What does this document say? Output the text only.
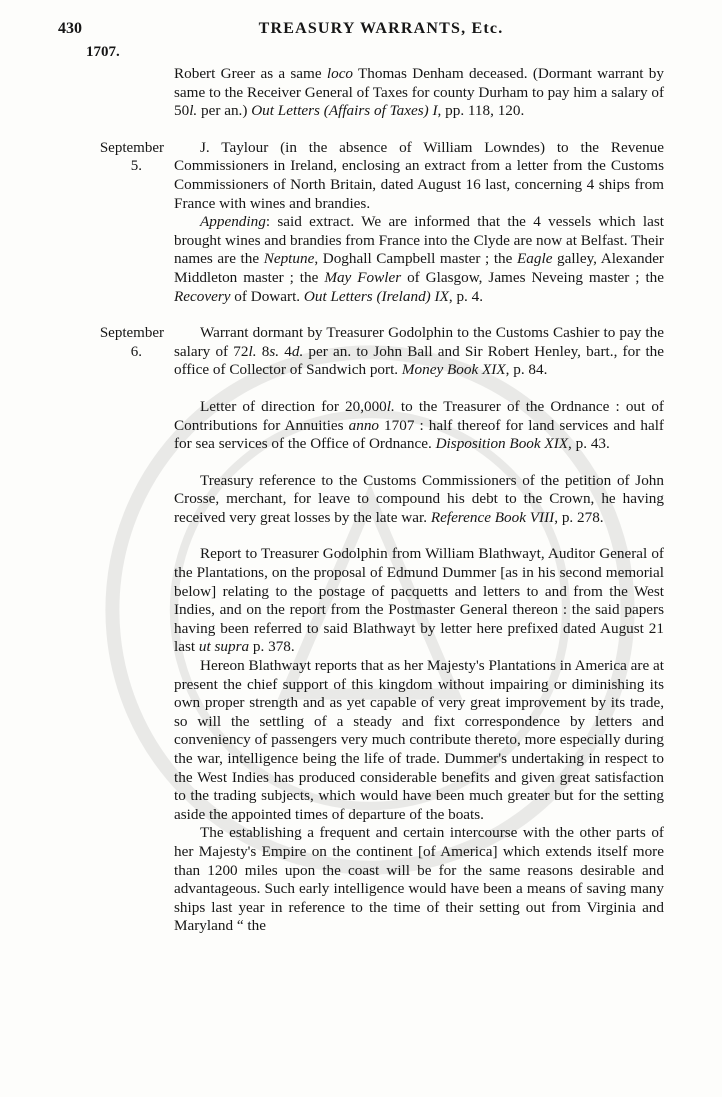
430	TREASURY WARRANTS, Etc.
1707.

Robert Greer as a same loco Thomas Denham deceased. (Dormant warrant by same to the Receiver General of Taxes for county Durham to pay him a salary of 50l. per an.) Out Letters (Affairs of Taxes) I, pp. 118, 120.

September
5.

J. Taylour (in the absence of William Lowndes) to the Revenue Commissioners in Ireland, enclosing an extract from a letter from the Customs Commissioners of North Britain, dated August 16 last, concerning 4 ships from France with wines and brandies.

Appending: said extract. We are informed that the 4 vessels which last brought wines and brandies from France into the Clyde are now at Belfast. Their names are the Neptune, Doghall Campbell master ; the Eagle galley, Alexander Middleton master ; the May Fowler of Glasgow, James Neveing master ; the Recovery of Dowart. Out Letters (Ireland) IX, p. 4.

September
6.

Warrant dormant by Treasurer Godolphin to the Customs Cashier to pay the salary of 72l. 8s. 4d. per an. to John Ball and Sir Robert Henley, bart., for the office of Collector of Sandwich port. Money Book XIX, p. 84.

Letter of direction for 20,000l. to the Treasurer of the Ordnance : out of Contributions for Annuities anno 1707 : half thereof for land services and half for sea services of the Office of Ordnance. Disposition Book XIX, p. 43.

Treasury reference to the Customs Commissioners of the petition of John Crosse, merchant, for leave to compound his debt to the Crown, he having received very great losses by the late war. Reference Book VIII, p. 278.

Report to Treasurer Godolphin from William Blathwayt, Auditor General of the Plantations, on the proposal of Edmund Dummer [as in his second memorial below] relating to the postage of pacquetts and letters to and from the West Indies, and on the report from the Postmaster General thereon : the said papers having been referred to said Blathwayt by letter here prefixed dated August 21 last ut supra p. 378.

Hereon Blathwayt reports that as her Majesty's Plantations in America are at present the chief support of this kingdom without impairing or diminishing its own proper strength and as yet capable of very great improvement by its trade, so will the settling of a steady and fixt correspondence by letters and conveniency of passengers very much contribute thereto, more especially during the war, intelligence being the life of trade. Dummer's undertaking in respect to the West Indies has produced considerable benefits and given great satisfaction to the trading subjects, which would have been much greater but for the setting aside the appointed times of departure of the boats.

The establishing a frequent and certain intercourse with the other parts of her Majesty's Empire on the continent [of America] which extends itself more than 1200 miles upon the coast will be for the same reasons desirable and advantageous. Such early intelligence would have been a means of saving many ships last year in reference to the time of their setting out from Virginia and Maryland “ the
